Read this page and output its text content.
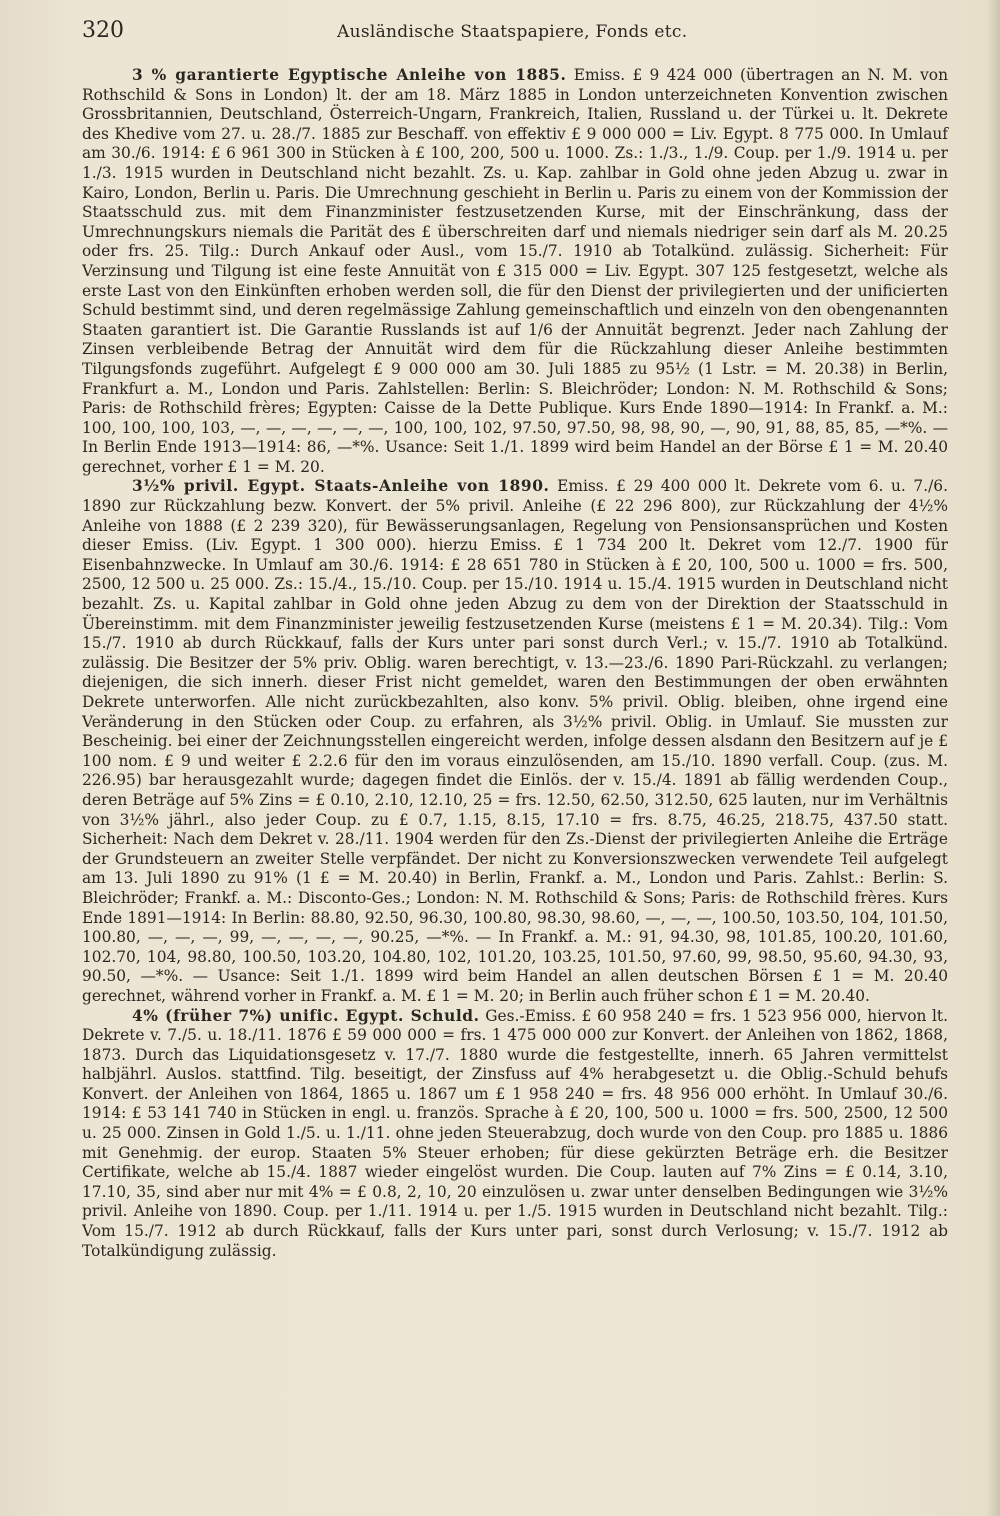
320	Ausländische Staatspapiere, Fonds etc.

3 % garantierte Egyptische Anleihe von 1885. Emiss. £ 9 424 000 (übertragen an N. M. von Rothschild & Sons in London) lt. der am 18. März 1885 in London unterzeichneten Konvention zwischen Grossbritannien, Deutschland, Österreich-Ungarn, Frankreich, Italien, Russland u. der Türkei u. lt. Dekrete des Khedive vom 27. u. 28./7. 1885 zur Beschaff. von effektiv £ 9 000 000 = Liv. Egypt. 8 775 000. In Umlauf am 30./6. 1914: £ 6 961 300 in Stücken à £ 100, 200, 500 u. 1000. Zs.: 1./3., 1./9. Coup. per 1./9. 1914 u. per 1./3. 1915 wurden in Deutschland nicht bezahlt. Zs. u. Kap. zahlbar in Gold ohne jeden Abzug u. zwar in Kairo, London, Berlin u. Paris. Die Umrechnung geschieht in Berlin u. Paris zu einem von der Kommission der Staatsschuld zus. mit dem Finanzminister festzusetzenden Kurse, mit der Einschränkung, dass der Umrechnungskurs niemals die Parität des £ überschreiten darf und niemals niedriger sein darf als M. 20.25 oder frs. 25. Tilg.: Durch Ankauf oder Ausl., vom 15./7. 1910 ab Totalkünd. zulässig. Sicherheit: Für Verzinsung und Tilgung ist eine feste Annuität von £ 315 000 = Liv. Egypt. 307 125 festgesetzt, welche als erste Last von den Einkünften erhoben werden soll, die für den Dienst der privilegierten und der unificierten Schuld bestimmt sind, und deren regelmässige Zahlung gemeinschaftlich und einzeln von den obengenannten Staaten garantiert ist. Die Garantie Russlands ist auf 1/6 der Annuität begrenzt. Jeder nach Zahlung der Zinsen verbleibende Betrag der Annuität wird dem für die Rückzahlung dieser Anleihe bestimmten Tilgungsfonds zugeführt. Aufgelegt £ 9 000 000 am 30. Juli 1885 zu 95½ (1 Lstr. = M. 20.38) in Berlin, Frankfurt a. M., London und Paris. Zahlstellen: Berlin: S. Bleichröder; London: N. M. Rothschild & Sons; Paris: de Rothschild frères; Egypten: Caisse de la Dette Publique. Kurs Ende 1890—1914: In Frankf. a. M.: 100, 100, 100, 103, —, —, —, —, —, —, 100, 100, 102, 97.50, 97.50, 98, 98, 90, —, 90, 91, 88, 85, 85, —*%. — In Berlin Ende 1913—1914: 86, —*%. Usance: Seit 1./1. 1899 wird beim Handel an der Börse £ 1 = M. 20.40 gerechnet, vorher £ 1 = M. 20.

3½% privil. Egypt. Staats-Anleihe von 1890. Emiss. £ 29 400 000 lt. Dekrete vom 6. u. 7./6. 1890 zur Rückzahlung bezw. Konvert. der 5% privil. Anleihe (£ 22 296 800), zur Rückzahlung der 4½% Anleihe von 1888 (£ 2 239 320), für Bewässerungsanlagen, Regelung von Pensionsansprüchen und Kosten dieser Emiss. (Liv. Egypt. 1 300 000). hierzu Emiss. £ 1 734 200 lt. Dekret vom 12./7. 1900 für Eisenbahnzwecke. In Umlauf am 30./6. 1914: £ 28 651 780 in Stücken à £ 20, 100, 500 u. 1000 = frs. 500, 2500, 12 500 u. 25 000. Zs.: 15./4., 15./10. Coup. per 15./10. 1914 u. 15./4. 1915 wurden in Deutschland nicht bezahlt. Zs. u. Kapital zahlbar in Gold ohne jeden Abzug zu dem von der Direktion der Staatsschuld in Übereinstimm. mit dem Finanzminister jeweilig festzusetzenden Kurse (meistens £ 1 = M. 20.34). Tilg.: Vom 15./7. 1910 ab durch Rückkauf, falls der Kurs unter pari sonst durch Verl.; v. 15./7. 1910 ab Totalkünd. zulässig. Die Besitzer der 5% priv. Oblig. waren berechtigt, v. 13.—23./6. 1890 Pari-Rückzahl. zu verlangen; diejenigen, die sich innerh. dieser Frist nicht gemeldet, waren den Bestimmungen der oben erwähnten Dekrete unterworfen. Alle nicht zurückbezahlten, also konv. 5% privil. Oblig. bleiben, ohne irgend eine Veränderung in den Stücken oder Coup. zu erfahren, als 3½% privil. Oblig. in Umlauf. Sie mussten zur Bescheinig. bei einer der Zeichnungsstellen eingereicht werden, infolge dessen alsdann den Besitzern auf je £ 100 nom. £ 9 und weiter £ 2.2.6 für den im voraus einzulösenden, am 15./10. 1890 verfall. Coup. (zus. M. 226.95) bar herausgezahlt wurde; dagegen findet die Einlös. der v. 15./4. 1891 ab fällig werdenden Coup., deren Beträge auf 5% Zins = £ 0.10, 2.10, 12.10, 25 = frs. 12.50, 62.50, 312.50, 625 lauten, nur im Verhältnis von 3½% jährl., also jeder Coup. zu £ 0.7, 1.15, 8.15, 17.10 = frs. 8.75, 46.25, 218.75, 437.50 statt. Sicherheit: Nach dem Dekret v. 28./11. 1904 werden für den Zs.-Dienst der privilegierten Anleihe die Erträge der Grundsteuern an zweiter Stelle verpfändet. Der nicht zu Konversionszwecken verwendete Teil aufgelegt am 13. Juli 1890 zu 91% (1 £ = M. 20.40) in Berlin, Frankf. a. M., London und Paris. Zahlst.: Berlin: S. Bleichröder; Frankf. a. M.: Disconto-Ges.; London: N. M. Rothschild & Sons; Paris: de Rothschild frères. Kurs Ende 1891—1914: In Berlin: 88.80, 92.50, 96.30, 100.80, 98.30, 98.60, —, —, —, 100.50, 103.50, 104, 101.50, 100.80, —, —, —, 99, —, —, —, —, 90.25, —*%. — In Frankf. a. M.: 91, 94.30, 98, 101.85, 100.20, 101.60, 102.70, 104, 98.80, 100.50, 103.20, 104.80, 102, 101.20, 103.25, 101.50, 97.60, 99, 98.50, 95.60, 94.30, 93, 90.50, —*%. — Usance: Seit 1./1. 1899 wird beim Handel an allen deutschen Börsen £ 1 = M. 20.40 gerechnet, während vorher in Frankf. a. M. £ 1 = M. 20; in Berlin auch früher schon £ 1 = M. 20.40.

4% (früher 7%) unific. Egypt. Schuld. Ges.-Emiss. £ 60 958 240 = frs. 1 523 956 000, hiervon lt. Dekrete v. 7./5. u. 18./11. 1876 £ 59 000 000 = frs. 1 475 000 000 zur Konvert. der Anleihen von 1862, 1868, 1873. Durch das Liquidationsgesetz v. 17./7. 1880 wurde die festgestellte, innerh. 65 Jahren vermittelst halbjährl. Auslos. stattfind. Tilg. beseitigt, der Zinsfuss auf 4% herabgesetzt u. die Oblig.-Schuld behufs Konvert. der Anleihen von 1864, 1865 u. 1867 um £ 1 958 240 = frs. 48 956 000 erhöht. In Umlauf 30./6. 1914: £ 53 141 740 in Stücken in engl. u. französ. Sprache à £ 20, 100, 500 u. 1000 = frs. 500, 2500, 12 500 u. 25 000. Zinsen in Gold 1./5. u. 1./11. ohne jeden Steuerabzug, doch wurde von den Coup. pro 1885 u. 1886 mit Genehmig. der europ. Staaten 5% Steuer erhoben; für diese gekürzten Beträge erh. die Besitzer Certifikate, welche ab 15./4. 1887 wieder eingelöst wurden. Die Coup. lauten auf 7% Zins = £ 0.14, 3.10, 17.10, 35, sind aber nur mit 4% = £ 0.8, 2, 10, 20 einzulösen u. zwar unter denselben Bedingungen wie 3½% privil. Anleihe von 1890. Coup. per 1./11. 1914 u. per 1./5. 1915 wurden in Deutschland nicht bezahlt. Tilg.: Vom 15./7. 1912 ab durch Rückkauf, falls der Kurs unter pari, sonst durch Verlosung; v. 15./7. 1912 ab Totalkündigung zulässig.
